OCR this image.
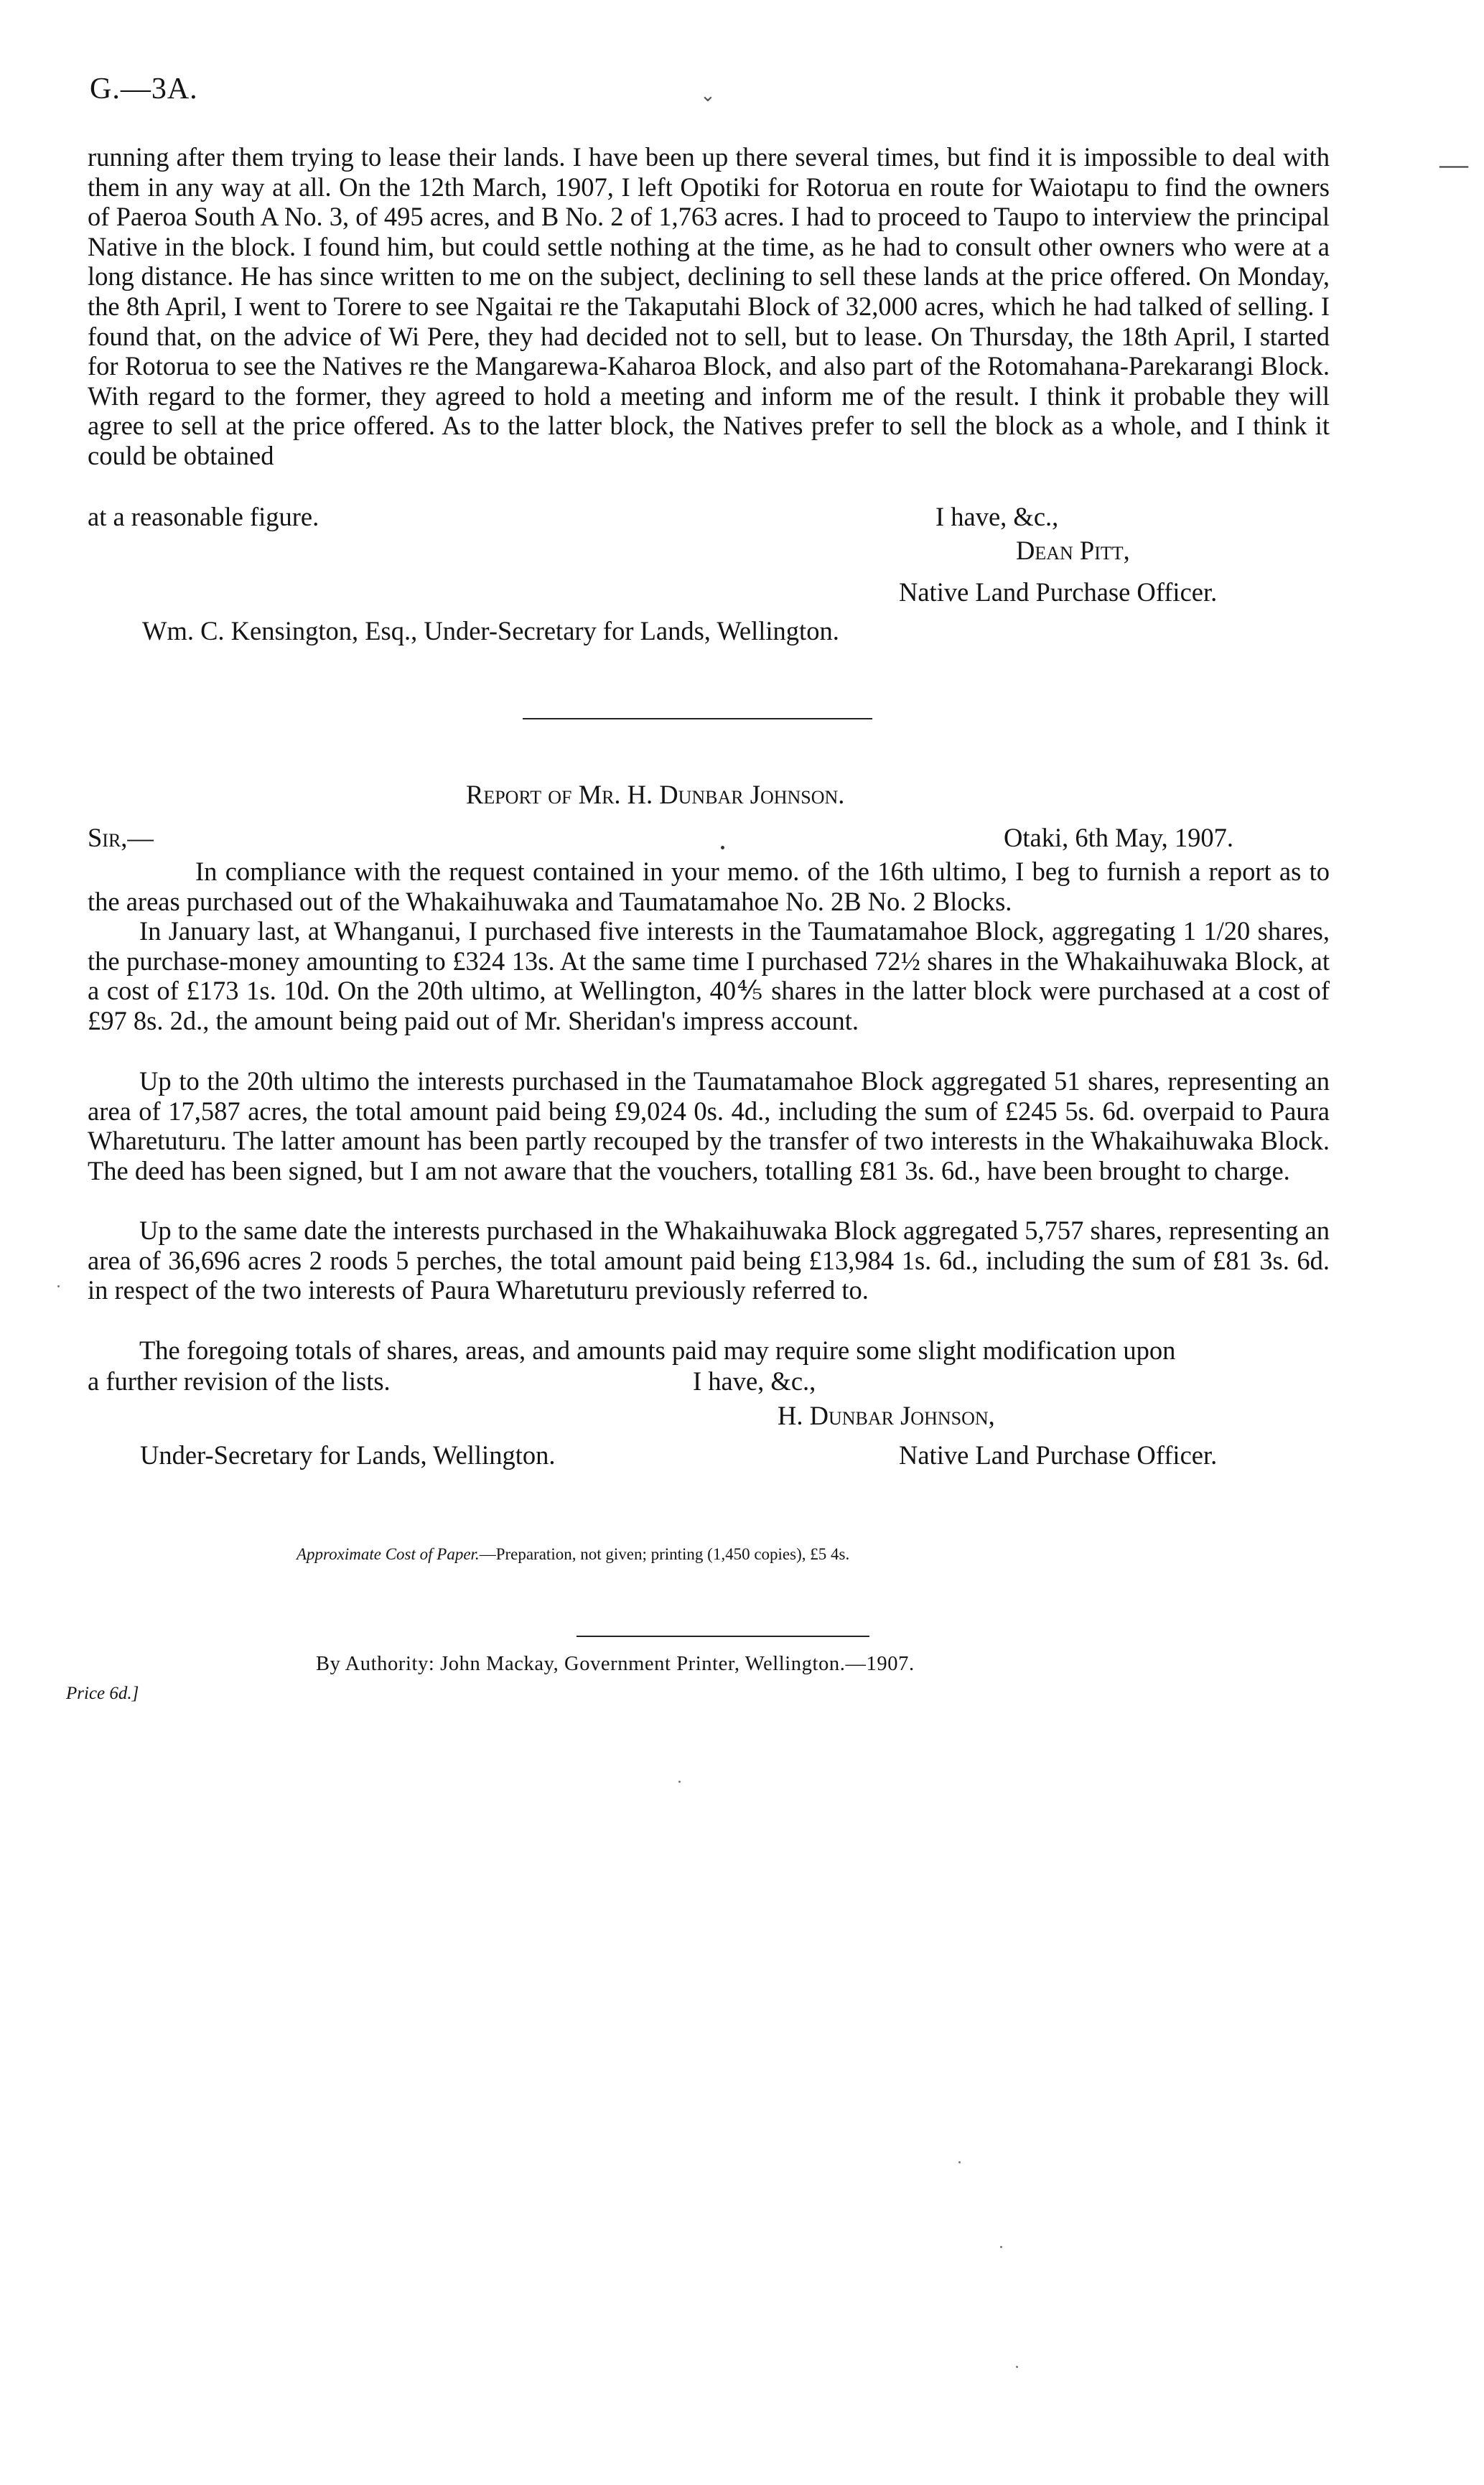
G.—3A.	⌄
—
running after them trying to lease their lands. I have been up there several times, but find it is impossible to deal with them in any way at all. On the 12th March, 1907, I left Opotiki for Rotorua en route for Waiotapu to find the owners of Paeroa South A No. 3, of 495 acres, and B No. 2 of 1,763 acres. I had to proceed to Taupo to interview the principal Native in the block. I found him, but could settle nothing at the time, as he had to consult other owners who were at a long distance. He has since written to me on the subject, declining to sell these lands at the price offered. On Monday, the 8th April, I went to Torere to see Ngaitai re the Takaputahi Block of 32,000 acres, which he had talked of selling. I found that, on the advice of Wi Pere, they had decided not to sell, but to lease. On Thursday, the 18th April, I started for Rotorua to see the Natives re the Mangarewa-Kaharoa Block, and also part of the Rotomahana-Parekarangi Block. With regard to the former, they agreed to hold a meeting and inform me of the result. I think it probable they will agree to sell at the price offered. As to the latter block, the Natives prefer to sell the block as a whole, and I think it could be obtained
at a reasonable figure.	I have, &c.,
Dean Pitt,
Native Land Purchase Officer.
Wm. C. Kensington, Esq., Under-Secretary for Lands, Wellington.
Report of Mr. H. Dunbar Johnson.
Sir,—	Otaki, 6th May, 1907.
In compliance with the request contained in your memo. of the 16th ultimo, I beg to furnish a report as to the areas purchased out of the Whakaihuwaka and Taumatamahoe No. 2B No. 2 Blocks.
In January last, at Whanganui, I purchased five interests in the Taumatamahoe Block, aggregating 1 1/20 shares, the purchase-money amounting to £324 13s. At the same time I purchased 72½ shares in the Whakaihuwaka Block, at a cost of £173 1s. 10d. On the 20th ultimo, at Wellington, 40⅘ shares in the latter block were purchased at a cost of £97 8s. 2d., the amount being paid out of Mr. Sheridan's impress account.
Up to the 20th ultimo the interests purchased in the Taumatamahoe Block aggregated 51 shares, representing an area of 17,587 acres, the total amount paid being £9,024 0s. 4d., including the sum of £245 5s. 6d. overpaid to Paura Wharetuturu. The latter amount has been partly recouped by the transfer of two interests in the Whakaihuwaka Block. The deed has been signed, but I am not aware that the vouchers, totalling £81 3s. 6d., have been brought to charge.
Up to the same date the interests purchased in the Whakaihuwaka Block aggregated 5,757 shares, representing an area of 36,696 acres 2 roods 5 perches, the total amount paid being £13,984 1s. 6d., including the sum of £81 3s. 6d. in respect of the two interests of Paura Wharetuturu previously referred to.
The foregoing totals of shares, areas, and amounts paid may require some slight modification upon
a further revision of the lists.	I have, &c.,
H. Dunbar Johnson,
Under-Secretary for Lands, Wellington.	Native Land Purchase Officer.
Approximate Cost of Paper.—Preparation, not given; printing (1,450 copies), £5 4s.
By Authority: John Mackay, Government Printer, Wellington.—1907.
Price 6d.]
